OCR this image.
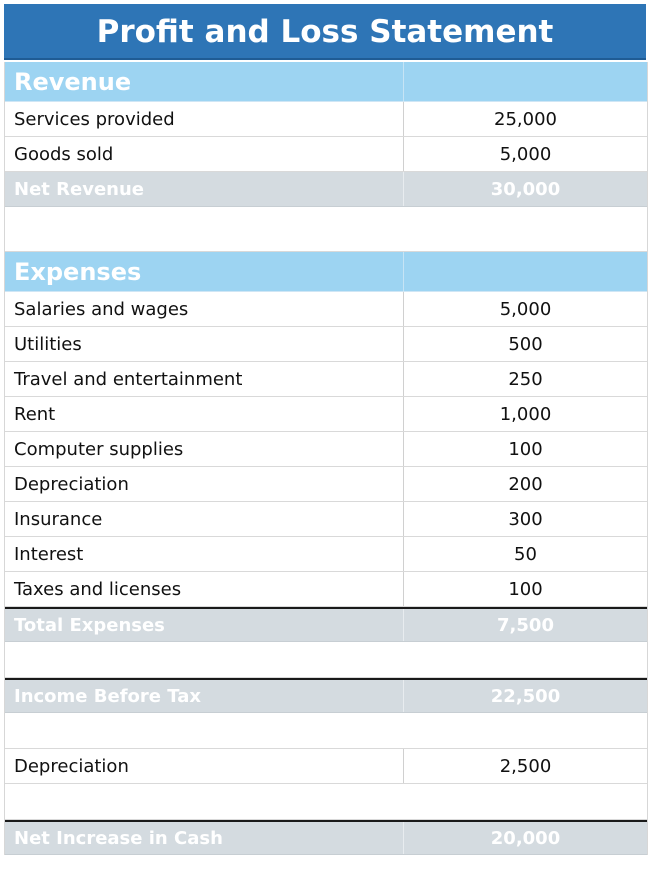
Profit and Loss Statement
Revenue
Services provided	25,000
Goods sold	5,000
Net Revenue	30,000
Expenses
Salaries and wages	5,000
Utilities	500
Travel and entertainment	250
Rent	1,000
Computer supplies	100
Depreciation	200
Insurance	300
Interest	50
Taxes and licenses	100
Total Expenses	7,500
Income Before Tax	22,500
Depreciation	2,500
Net Increase in Cash	20,000
